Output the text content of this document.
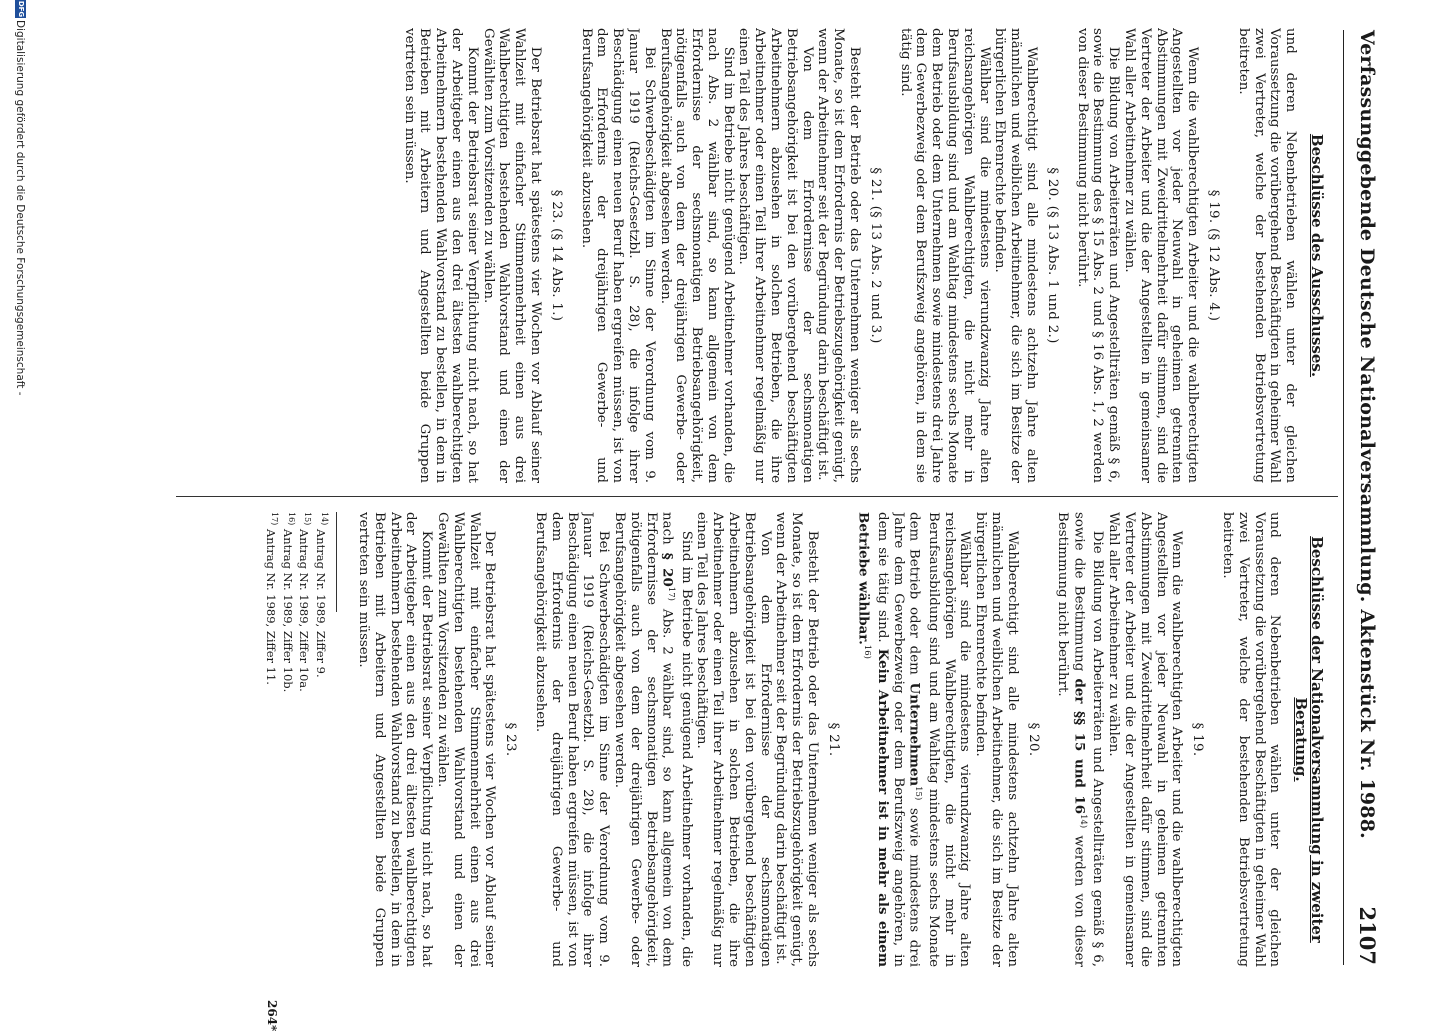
Verfassunggebende Deutsche Nationalversammlung. Aktenstück Nr. 1988.
2107
Beschlüsse des Ausschusses.

und deren Nebenbetrieben wählen unter der gleichen Voraussetzung die vorübergehend Beschäftigten in geheimer Wahl zwei Vertreter, welche der bestehenden Betriebsvertretung beitreten.

§ 19. (§ 12 Abs. 4.)

Wenn die wahlberechtigten Arbeiter und die wahlberechtigten Angestellten vor jeder Neuwahl in geheimen getrennten Abstimmungen mit Zweidrittelmehrheit dafür stimmen, sind die Vertreter der Arbeiter und die der Angestellten in gemeinsamer Wahl aller Arbeitnehmer zu wählen.

Die Bildung von Arbeiterräten und Angestellträten gemäß § 6, sowie die Bestimmung des § 15 Abs. 2 und § 16 Abs. 1, 2 werden von dieser Bestimmung nicht berührt.

§ 20. (§ 13 Abs. 1 und 2.)

Wahlberechtigt sind alle mindestens achtzehn Jahre alten männlichen und weiblichen Arbeitnehmer, die sich im Besitze der bürgerlichen Ehrenrechte befinden.

Wählbar sind die mindestens vierundzwanzig Jahre alten reichsangehörigen Wahlberechtigten, die nicht mehr in Berufsausbildung sind und am Wahltag mindestens sechs Monate dem Betrieb oder dem Unternehmen sowie mindestens drei Jahre dem Gewerbezweig oder dem Berufszweig angehören, in dem sie tätig sind.

§ 21. (§ 13 Abs. 2 und 3.)

Besteht der Betrieb oder das Unternehmen weniger als sechs Monate, so ist dem Erfordernis der Betriebszugehörigkeit genügt, wenn der Arbeitnehmer seit der Begründung darin beschäftigt ist.

Von dem Erfordernisse der sechsmonatigen Betriebsangehörigkeit ist bei den vorübergehend beschäftigten Arbeitnehmern abzusehen in solchen Betrieben, die ihre Arbeitnehmer oder einen Teil ihrer Arbeitnehmer regelmäßig nur einen Teil des Jahres beschäftigen.

Sind im Betriebe nicht genügend Arbeitnehmer vorhanden, die nach Abs. 2 wählbar sind, so kann allgemein von dem Erfordernisse der sechsmonatigen Betriebsangehörigkeit, nötigenfalls auch von dem der dreijährigen Gewerbe- oder Berufsangehörigkeit abgesehen werden.

Bei Schwerbeschädigten im Sinne der Verordnung vom 9. Januar 1919 (Reichs-Gesetzbl. S. 28), die infolge ihrer Beschädigung einen neuen Beruf haben ergreifen müssen, ist von dem Erfordernis der dreijährigen Gewerbe- und Berufsangehörigkeit abzusehen.

§ 23. (§ 14 Abs. 1.)

Der Betriebsrat hat spätestens vier Wochen vor Ablauf seiner Wahlzeit mit einfacher Stimmenmehrheit einen aus drei Wahlberechtigten bestehenden Wahlvorstand und einen der Gewählten zum Vorsitzenden zu wählen.

Kommt der Betriebsrat seiner Verpflichtung nicht nach, so hat der Arbeitgeber einen aus den drei ältesten wahlberechtigten Arbeitnehmern bestehenden Wahlvorstand zu bestellen, in dem in Betrieben mit Arbeitern und Angestellten beide Gruppen vertreten sein müssen.

Beschlüsse der Nationalversammlung in zweiter Beratung.

und deren Nebenbetrieben wählen unter der gleichen Voraussetzung die vorübergehend Beschäftigten in geheimer Wahl zwei Vertreter, welche der bestehenden Betriebsvertretung beitreten.

§ 19.

Wenn die wahlberechtigten Arbeiter und die wahlberechtigten Angestellten vor jeder Neuwahl in geheimen getrennten Abstimmungen mit Zweidrittelmehrheit dafür stimmen, sind die Vertreter der Arbeiter und die der Angestellten in gemeinsamer Wahl aller Arbeitnehmer zu wählen.

Die Bildung von Arbeiterräten und Angestellträten gemäß § 6, sowie die Bestimmung der §§ 15 und 16$^{14)}$ werden von dieser Bestimmung nicht berührt.

§ 20.

Wahlberechtigt sind alle mindestens achtzehn Jahre alten männlichen und weiblichen Arbeitnehmer, die sich im Besitze der bürgerlichen Ehrenrechte befinden.

Wählbar sind die mindestens vierundzwanzig Jahre alten reichsangehörigen Wahlberechtigten, die nicht mehr in Berufsausbildung sind und am Wahltag mindestens sechs Monate dem Betrieb oder dem Unternehmen$^{15)}$ sowie mindestens drei Jahre dem Gewerbezweig oder dem Berufszweig angehören, in dem sie tätig sind. Kein Arbeitnehmer ist in mehr als einem Betriebe wählbar.$^{16)}$

§ 21.

Besteht der Betrieb oder das Unternehmen weniger als sechs Monate, so ist dem Erfordernis der Betriebszugehörigkeit genügt, wenn der Arbeitnehmer seit der Begründung darin beschäftigt ist.

Von dem Erfordernisse der sechsmonatigen Betriebsangehörigkeit ist bei den vorübergehend beschäftigten Arbeitnehmern abzusehen in solchen Betrieben, die ihre Arbeitnehmer oder einen Teil ihrer Arbeitnehmer regelmäßig nur einen Teil des Jahres beschäftigen.

Sind im Betriebe nicht genügend Arbeitnehmer vorhanden, die nach § 20$^{17)}$ Abs. 2 wählbar sind, so kann allgemein von dem Erfordernisse der sechsmonatigen Betriebsangehörigkeit, nötigenfalls auch von dem der dreijährigen Gewerbe- oder Berufsangehörigkeit abgesehen werden.

Bei Schwerbeschädigten im Sinne der Verordnung vom 9. Januar 1919 (Reichs-Gesetzbl. S. 28), die infolge ihrer Beschädigung einen neuen Beruf haben ergreifen müssen, ist von dem Erfordernis der dreijährigen Gewerbe- und Berufsangehörigkeit abzusehen.

§ 23.

Der Betriebsrat hat spätestens vier Wochen vor Ablauf seiner Wahlzeit mit einfacher Stimmenmehrheit einen aus drei Wahlberechtigten bestehenden Wahlvorstand und einen der Gewählten zum Vorsitzenden zu wählen.

Kommt der Betriebsrat seiner Verpflichtung nicht nach, so hat der Arbeitgeber einen aus den drei ältesten wahlberechtigten Arbeitnehmern bestehenden Wahlvorstand zu bestellen, in dem in Betrieben mit Arbeitern und Angestellten beide Gruppen vertreten sein müssen.

$^{14)}$ Antrag Nr. 1989, Ziffer 9.
$^{15)}$ Antrag Nr. 1989, Ziffer 10a.
$^{16)}$ Antrag Nr. 1989, Ziffer 10b.
$^{17)}$ Antrag Nr. 1989, Ziffer 11.
264*
DFG
Digitalisierung gefördert durch die Deutsche Forschungsgemeinschaft -
